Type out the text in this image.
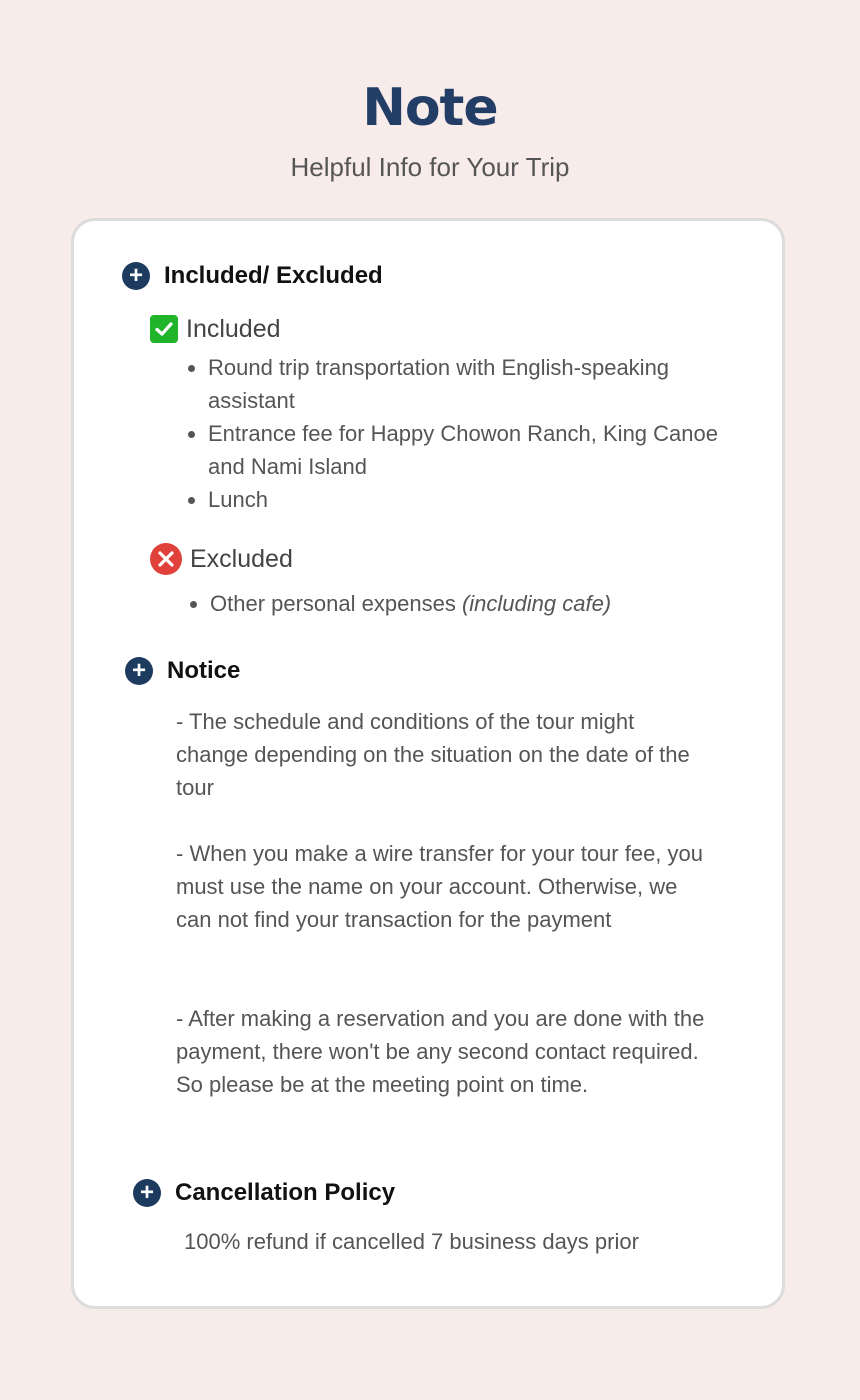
Note
Helpful Info for Your Trip
+ Included/ Excluded
Included
Round trip transportation with English-speaking assistant
Entrance fee for Happy Chowon Ranch, King Canoe and Nami Island
Lunch
Excluded
Other personal expenses (including cafe)
+ Notice

- The schedule and conditions of the tour might change depending on the situation on the date of the tour

- When you make a wire transfer for your tour fee, you must use the name on your account. Otherwise, we can not find your transaction for the payment

- After making a reservation and you are done with the payment, there won't be any second contact required. So please be at the meeting point on time.

+ Cancellation Policy

100% refund if cancelled 7 business days prior
